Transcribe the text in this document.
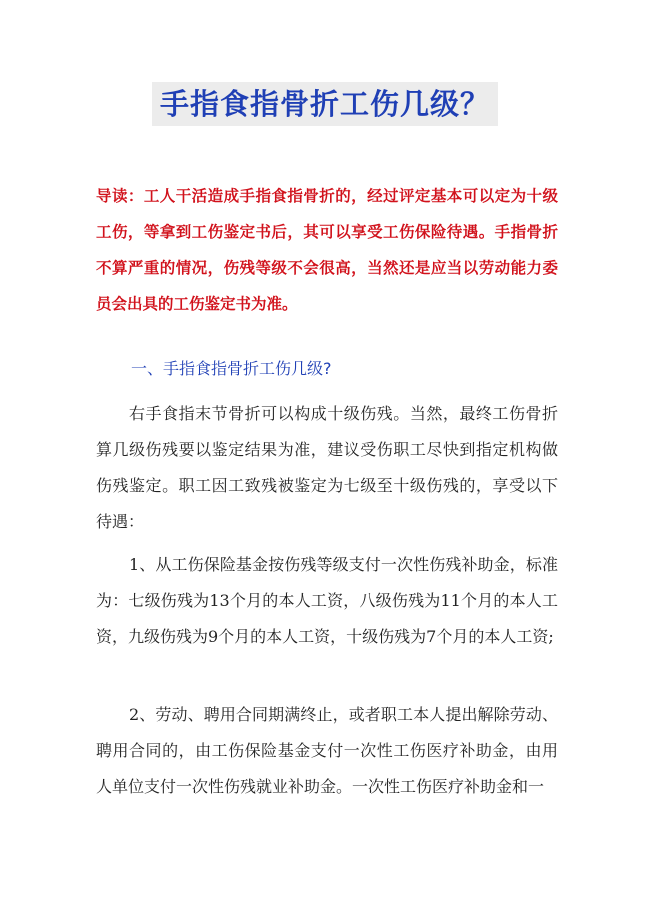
手指食指骨折工伤几级？
导读：工人干活造成手指食指骨折的，经过评定基本可以定为十级工伤，等拿到工伤鉴定书后，其可以享受工伤保险待遇。手指骨折不算严重的情况，伤残等级不会很高，当然还是应当以劳动能力委员会出具的工伤鉴定书为准。
一、手指食指骨折工伤几级?
右手食指末节骨折可以构成十级伤残。当然，最终工伤骨折算几级伤残要以鉴定结果为准，建议受伤职工尽快到指定机构做伤残鉴定。职工因工致残被鉴定为七级至十级伤残的，享受以下待遇：
1、从工伤保险基金按伤残等级支付一次性伤残补助金，标准为：七级伤残为13个月的本人工资，八级伤残为11个月的本人工资，九级伤残为9个月的本人工资，十级伤残为7个月的本人工资;
2、劳动、聘用合同期满终止，或者职工本人提出解除劳动、聘用合同的，由工伤保险基金支付一次性工伤医疗补助金，由用人单位支付一次性伤残就业补助金。一次性工伤医疗补助金和一
